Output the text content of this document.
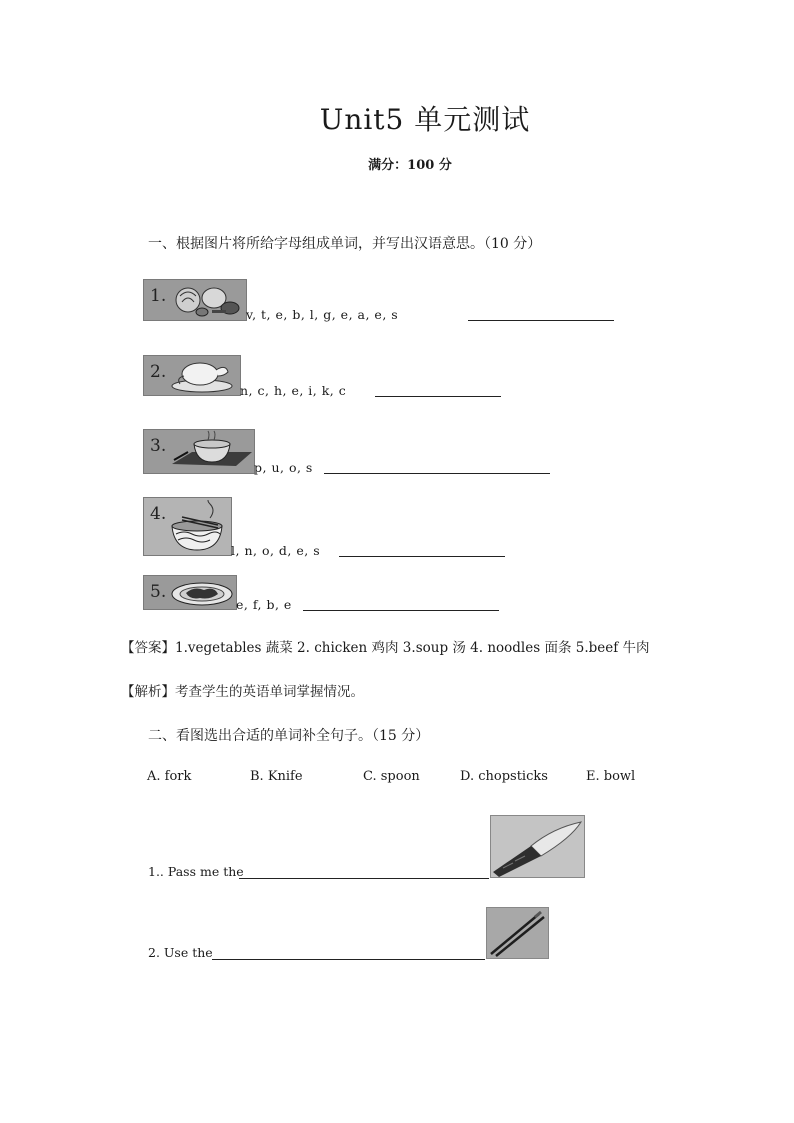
Unit5 单元测试
满分：100 分
一、根据图片将所给字母组成单词，并写出汉语意思。（10 分）
1.
v, t, e, b, l, g, e, a, e, s
2.
n, c, h, e, i, k, c
3.
p, u, o, s
4.
l, n, o, d, e, s
5.
e, f, b, e
【答案】1.vegetables 蔬菜 2. chicken 鸡肉 3.soup 汤 4. noodles 面条 5.beef 牛肉
【解析】考查学生的英语单词掌握情况。
二、看图选出合适的单词补全句子。（15 分）
A. fork	B. Knife	C. spoon	D. chopsticks	E. bowl
1.. Pass me the
2. Use the
